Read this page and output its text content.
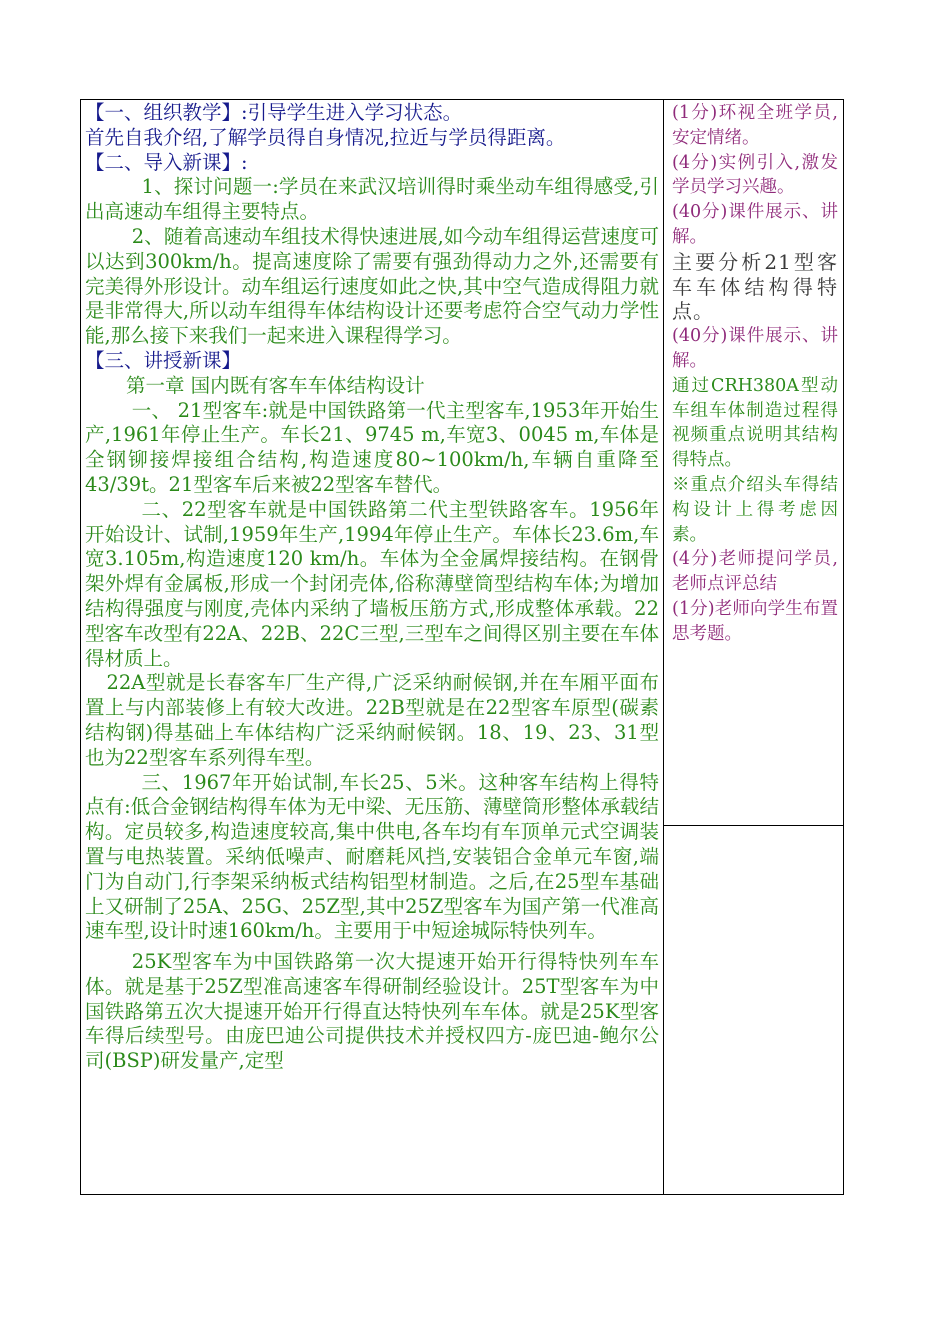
【一、组织教学】:引导学生进入学习状态。

首先自我介绍,了解学员得自身情况,拉近与学员得距离。

【二、导入新课】:

1、探讨问题一:学员在来武汉培训得时乘坐动车组得感受,引出高速动车组得主要特点。

2、随着高速动车组技术得快速进展,如今动车组得运营速度可以达到300km/h。提高速度除了需要有强劲得动力之外,还需要有完美得外形设计。动车组运行速度如此之快,其中空气造成得阻力就是非常得大,所以动车组得车体结构设计还要考虑符合空气动力学性能,那么接下来我们一起来进入课程得学习。

【三、讲授新课】

第一章 国内既有客车车体结构设计

一、 21型客车:就是中国铁路第一代主型客车,1953年开始生产,1961年停止生产。车长21、9745 m,车宽3、0045 m,车体是全钢铆接焊接组合结构,构造速度80~100km/h,车辆自重降至43/39t。21型客车后来被22型客车替代。

二、22型客车就是中国铁路第二代主型铁路客车。1956年开始设计、试制,1959年生产,1994年停止生产。车体长23.6m,车宽3.105m,构造速度120 km/h。车体为全金属焊接结构。在钢骨架外焊有金属板,形成一个封闭壳体,俗称薄壁筒型结构车体;为增加结构得强度与刚度,壳体内采纳了墙板压筋方式,形成整体承载。22型客车改型有22A、22B、22C三型,三型车之间得区别主要在车体得材质上。

22A型就是长春客车厂生产得,广泛采纳耐候钢,并在车厢平面布置上与内部装修上有较大改进。22B型就是在22型客车原型(碳素结构钢)得基础上车体结构广泛采纳耐候钢。18、19、23、31型也为22型客车系列得车型。

三、1967年开始试制,车长25、5米。这种客车结构上得特点有:低合金钢结构得车体为无中梁、无压筋、薄壁筒形整体承载结构。定员较多,构造速度较高,集中供电,各车均有车顶单元式空调装置与电热装置。采纳低噪声、耐磨耗风挡,安装铝合金单元车窗,端门为自动门,行李架采纳板式结构铝型材制造。之后,在25型车基础上又研制了25A、25G、25Z型,其中25Z型客车为国产第一代准高速车型,设计时速160km/h。主要用于中短途城际特快列车。

25K型客车为中国铁路第一次大提速开始开行得特快列车车体。就是基于25Z型准高速客车得研制经验设计。25T型客车为中国铁路第五次大提速开始开行得直达特快列车车体。就是25K型客车得后续型号。由庞巴迪公司提供技术并授权四方-庞巴迪-鲍尔公司(BSP)研发量产,定型

(1分)环视全班学员,安定情绪。

(4分)实例引入,激发学员学习兴趣。

(40分)课件展示、讲解。

主要分析21型客车车体结构得特点。

(40分)课件展示、讲解。

通过CRH380A型动车组车体制造过程得视频重点说明其结构得特点。

※重点介绍头车得结构设计上得考虑因素。

(4分)老师提问学员,老师点评总结

(1分)老师向学生布置思考题。
